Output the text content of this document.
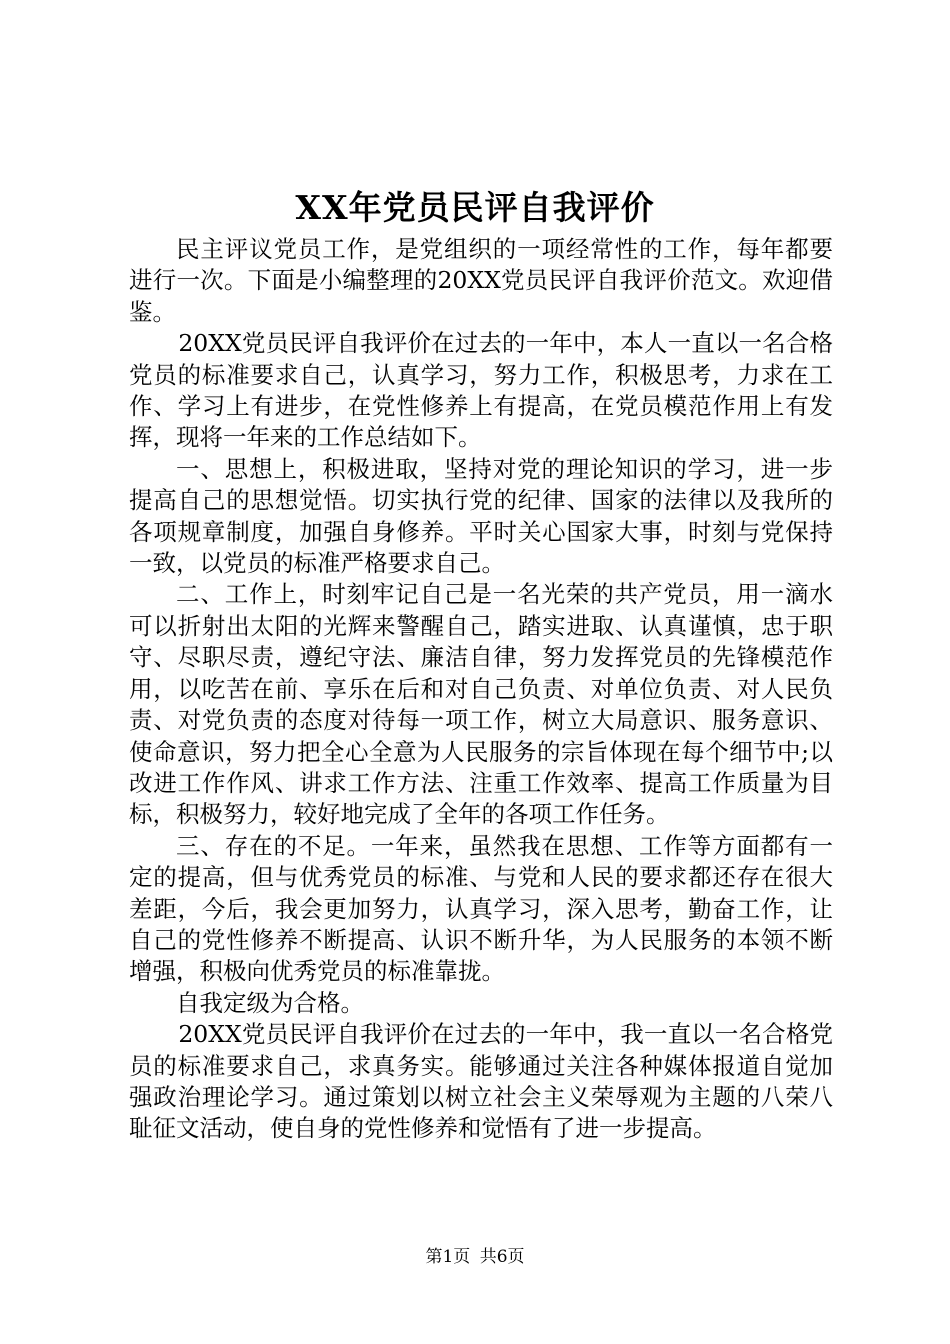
XX年党员民评自我评价

民主评议党员工作，是党组织的一项经常性的工作，每年都要进行一次。下面是小编整理的20XX党员民评自我评价范文。欢迎借鉴。

20XX党员民评自我评价在过去的一年中，本人一直以一名合格党员的标准要求自己，认真学习，努力工作，积极思考，力求在工作、学习上有进步，在党性修养上有提高，在党员模范作用上有发挥，现将一年来的工作总结如下。

一、思想上，积极进取，坚持对党的理论知识的学习，进一步提高自己的思想觉悟。切实执行党的纪律、国家的法律以及我所的各项规章制度，加强自身修养。平时关心国家大事，时刻与党保持一致，以党员的标准严格要求自己。

二、工作上，时刻牢记自己是一名光荣的共产党员，用一滴水可以折射出太阳的光辉来警醒自己，踏实进取、认真谨慎，忠于职守、尽职尽责，遵纪守法、廉洁自律，努力发挥党员的先锋模范作用，以吃苦在前、享乐在后和对自己负责、对单位负责、对人民负责、对党负责的态度对待每一项工作，树立大局意识、服务意识、使命意识，努力把全心全意为人民服务的宗旨体现在每个细节中;以改进工作作风、讲求工作方法、注重工作效率、提高工作质量为目标，积极努力，较好地完成了全年的各项工作任务。

三、存在的不足。一年来，虽然我在思想、工作等方面都有一定的提高，但与优秀党员的标准、与党和人民的要求都还存在很大差距，今后，我会更加努力，认真学习，深入思考，勤奋工作，让自己的党性修养不断提高、认识不断升华，为人民服务的本领不断增强，积极向优秀党员的标准靠拢。

自我定级为合格。

20XX党员民评自我评价在过去的一年中，我一直以一名合格党员的标准要求自己，求真务实。能够通过关注各种媒体报道自觉加强政治理论学习。通过策划以树立社会主义荣辱观为主题的八荣八耻征文活动，使自身的党性修养和觉悟有了进一步提高。

第1页 共6页
